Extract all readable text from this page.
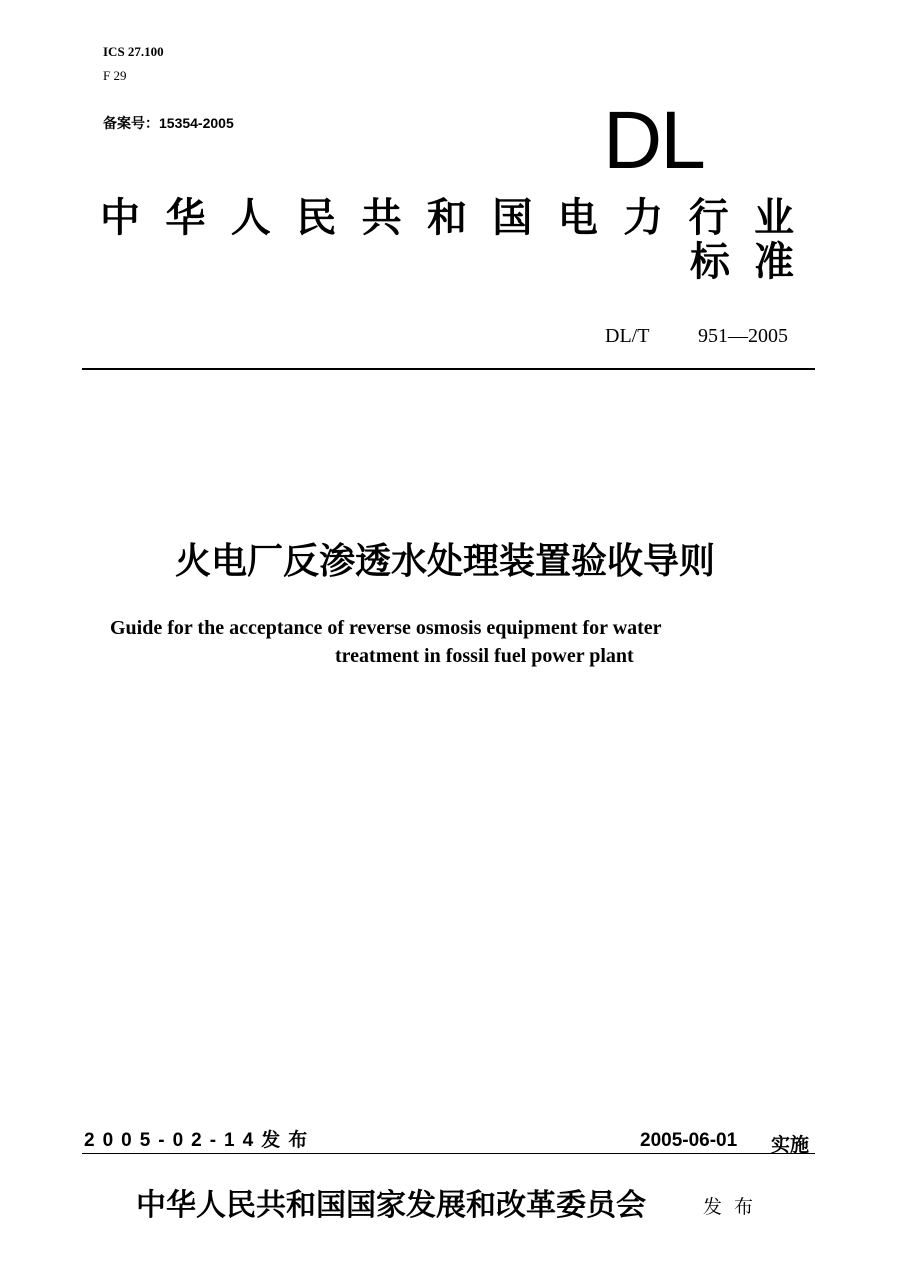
ICS 27.100
F 29
备案号：15354-2005	DL
中华人民共和国电力行业标准
DL/T 951—2005
火电厂反渗透水处理装置验收导则
Guide for the acceptance of reverse osmosis equipment for water
treatment in fossil fuel power plant
2005-02-14发布	2005-06-01 实施
中华人民共和国国家发展和改革委员会	发布
